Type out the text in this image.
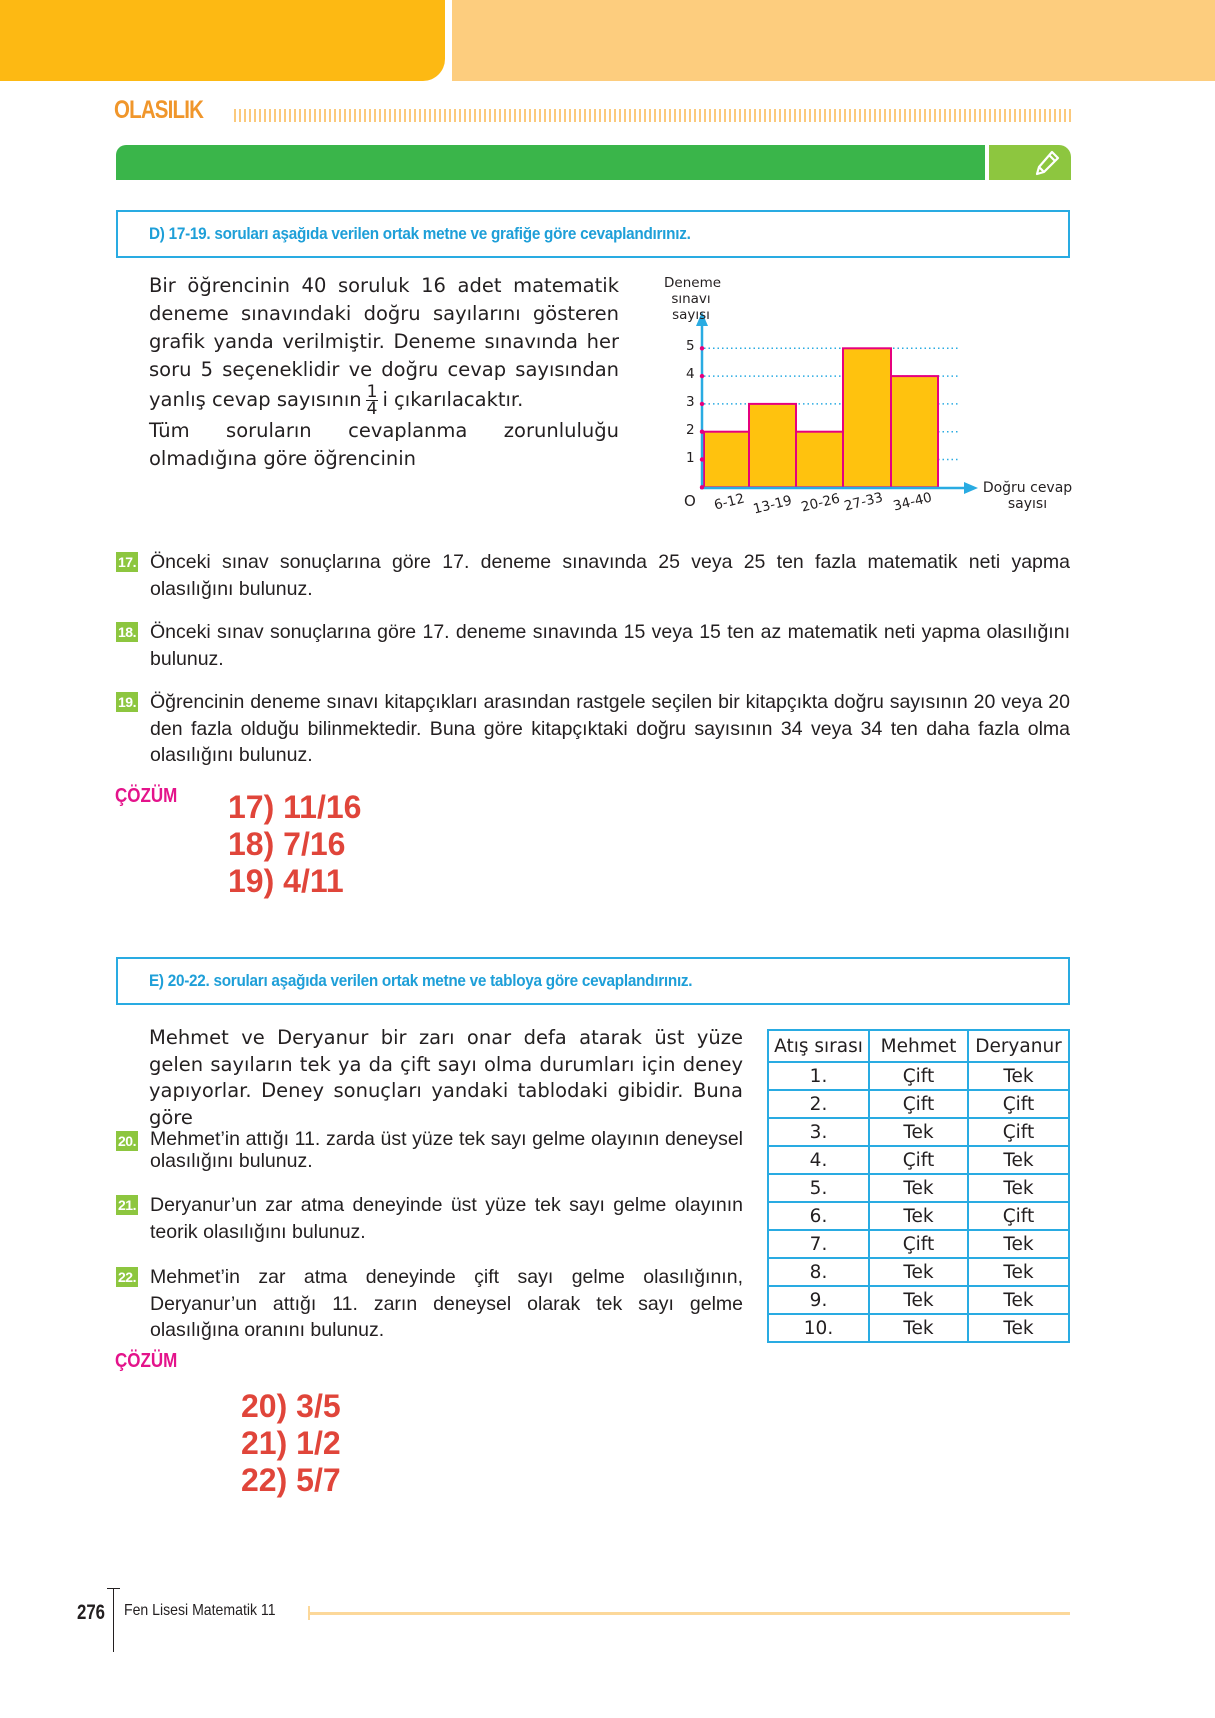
OLASILIK
D) 17-19. soruları aşağıda verilen ortak metne ve grafiğe göre cevaplandırınız.

Bir öğrencinin 40 soruluk 16 adet matematik deneme sınavındaki doğru sayılarını gösteren grafik yanda verilmiştir. Deneme sınavında her soru 5 seçeneklidir ve doğru cevap sayısından yanlış cevap sayısının $\frac{1}{4}$ i çıkarılacaktır.

Tüm soruların cevaplanma zorunluluğu olmadığına göre öğrencinin

Deneme
sınavı sayısı
1
2
3
4
5
O 6-12 13-19 20-26 27-33 34-40
Doğru cevap
sayısı
17. Önceki sınav sonuçlarına göre 17. deneme sınavında 25 veya 25 ten fazla matematik neti yapma olasılığını bulunuz.
18. Önceki sınav sonuçlarına göre 17. deneme sınavında 15 veya 15 ten az matematik neti yapma olasılığını bulunuz.
19. Öğrencinin deneme sınavı kitapçıkları arasından rastgele seçilen bir kitapçıkta doğru sayısının 20 veya 20 den fazla olduğu bilinmektedir. Buna göre kitapçıktaki doğru sayısının 34 veya 34 ten daha fazla olma olasılığını bulunuz.
ÇÖZÜM 17) 11/16
18) 7/16
19) 4/11
E) 20-22. soruları aşağıda verilen ortak metne ve tabloya göre cevaplandırınız.
Mehmet ve Deryanur bir zarı onar defa atarak üst yüze gelen sayıların tek ya da çift sayı olma durumları için deney yapıyorlar. Deney sonuçları yandaki tablodaki gibidir. Buna göre
20. Mehmet’in attığı 11. zarda üst yüze tek sayı gelme olayının deneysel olasılığını bulunuz.
21. Deryanur’un zar atma deneyinde üst yüze tek sayı gelme olayının teorik olasılığını bulunuz.
22. Mehmet’in zar atma deneyinde çift sayı gelme olasılığının, Deryanur’un attığı 11. zarın deneysel olarak tek sayı gelme olasılığına oranını bulunuz.
ÇÖZÜM
20) 3/5
21) 1/2
22) 5/7
Atış sırası	Mehmet	Deryanur
1.	Çift	Tek
2.	Çift	Çift
3.	Tek	Çift
4.	Çift	Tek
5.	Tek	Tek
6.	Tek	Çift
7.	Çift	Tek
8.	Tek	Tek
9.	Tek	Tek
10.	Tek	Tek
276 Fen Lisesi Matematik 11
